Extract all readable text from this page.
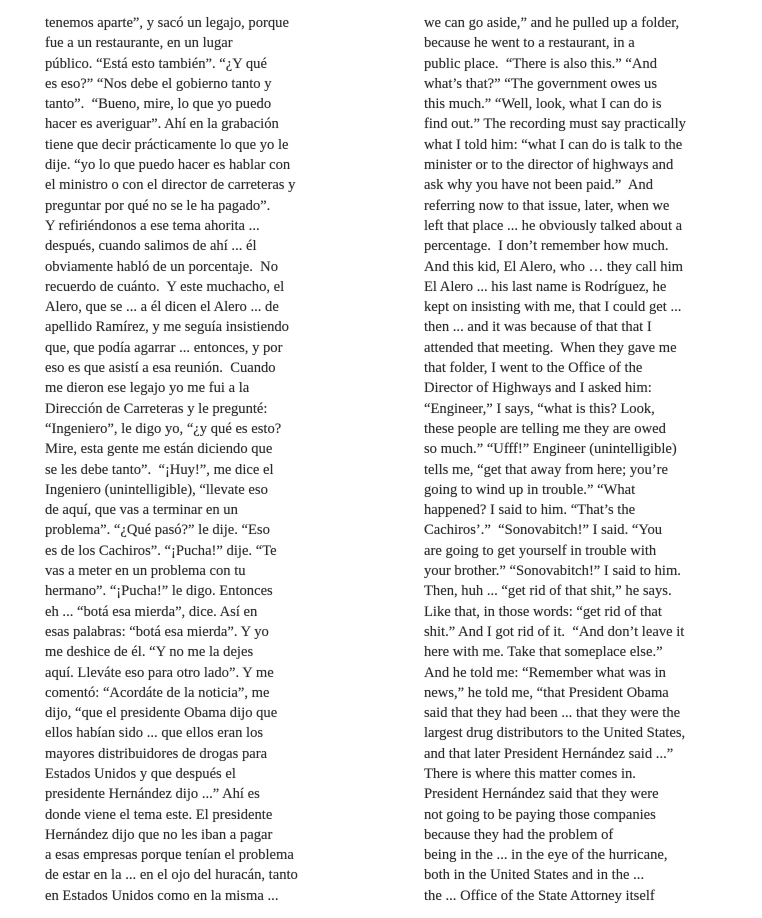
tenemos aparte”, y sacó un legajo, porque
fue a un restaurante, en un lugar
público. “Está esto también”. “¿Y qué
es eso?” “Nos debe el gobierno tanto y
tanto”.  “Bueno, mire, lo que yo puedo
hacer es averiguar”. Ahí en la grabación
tiene que decir prácticamente lo que yo le
dije. “yo lo que puedo hacer es hablar con
el ministro o con el director de carreteras y
preguntar por qué no se le ha pagado”.
Y refiriéndonos a ese tema ahorita ...
después, cuando salimos de ahí ... él
obviamente habló de un porcentaje.  No
recuerdo de cuánto.  Y este muchacho, el
Alero, que se ... a él dicen el Alero ... de
apellido Ramírez, y me seguía insistiendo
que, que podía agarrar ... entonces, y por
eso es que asistí a esa reunión.  Cuando
me dieron ese legajo yo me fui a la
Dirección de Carreteras y le pregunté:
“Ingeniero”, le digo yo, “¿y qué es esto?
Mire, esta gente me están diciendo que
se les debe tanto”.  “¡Huy!”, me dice el
Ingeniero (unintelligible), “llevate eso
de aquí, que vas a terminar en un
problema”. “¿Qué pasó?” le dije. “Eso
es de los Cachiros”. “¡Pucha!” dije. “Te
vas a meter en un problema con tu
hermano”. “¡Pucha!” le digo. Entonces
eh ... “botá esa mierda”, dice. Así en
esas palabras: “botá esa mierda”. Y yo
me deshice de él. “Y no me la dejes
aquí. Llevátе eso para otro lado”. Y me
comentó: “Acordáte de la noticia”, me
dijo, “que el presidente Obama dijo que
ellos habían sido ... que ellos eran los
mayores distribuidores de drogas para
Estados Unidos y que después el
presidente Hernández dijo ...” Ahí es
donde viene el tema este. El presidente
Hernández dijo que no les iban a pagar
a esas empresas porque tenían el problema
de estar en la ... en el ojo del huracán, tanto
en Estados Unidos como en la misma ...
we can go aside,” and he pulled up a folder,
because he went to a restaurant, in a
public place.  “There is also this.” “And
what’s that?” “The government owes us
this much.” “Well, look, what I can do is
find out.” The recording must say practically
what I told him: “what I can do is talk to the
minister or to the director of highways and
ask why you have not been paid.”  And
referring now to that issue, later, when we
left that place ... he obviously talked about a
percentage.  I don’t remember how much.
And this kid, El Alero, who … they call him
El Alero ... his last name is Rodríguez, he
kept on insisting with me, that I could get ...
then ... and it was because of that that I
attended that meeting.  When they gave me
that folder, I went to the Office of the
Director of Highways and I asked him:
“Engineer,” I says, “what is this? Look,
these people are telling me they are owed
so much.” “Ufff!” Engineer (unintelligible)
tells me, “get that away from here; you’re
going to wind up in trouble.” “What
happened? I said to him. “That’s the
Cachiros’.”  “Sonovabitch!” I said. “You
are going to get yourself in trouble with
your brother.” “Sonovabitch!” I said to him.
Then, huh ... “get rid of that shit,” he says.
Like that, in those words: “get rid of that
shit.” And I got rid of it.  “And don’t leave it
here with me. Take that someplace else.”
And he told me: “Remember what was in
news,” he told me, “that President Obama
said that they had been ... that they were the
largest drug distributors to the United States,
and that later President Hernández said ...”
There is where this matter comes in.
President Hernández said that they were
not going to be paying those companies
because they had the problem of
being in the ... in the eye of the hurricane,
both in the United States and in the ...
the ... Office of the State Attorney itself
